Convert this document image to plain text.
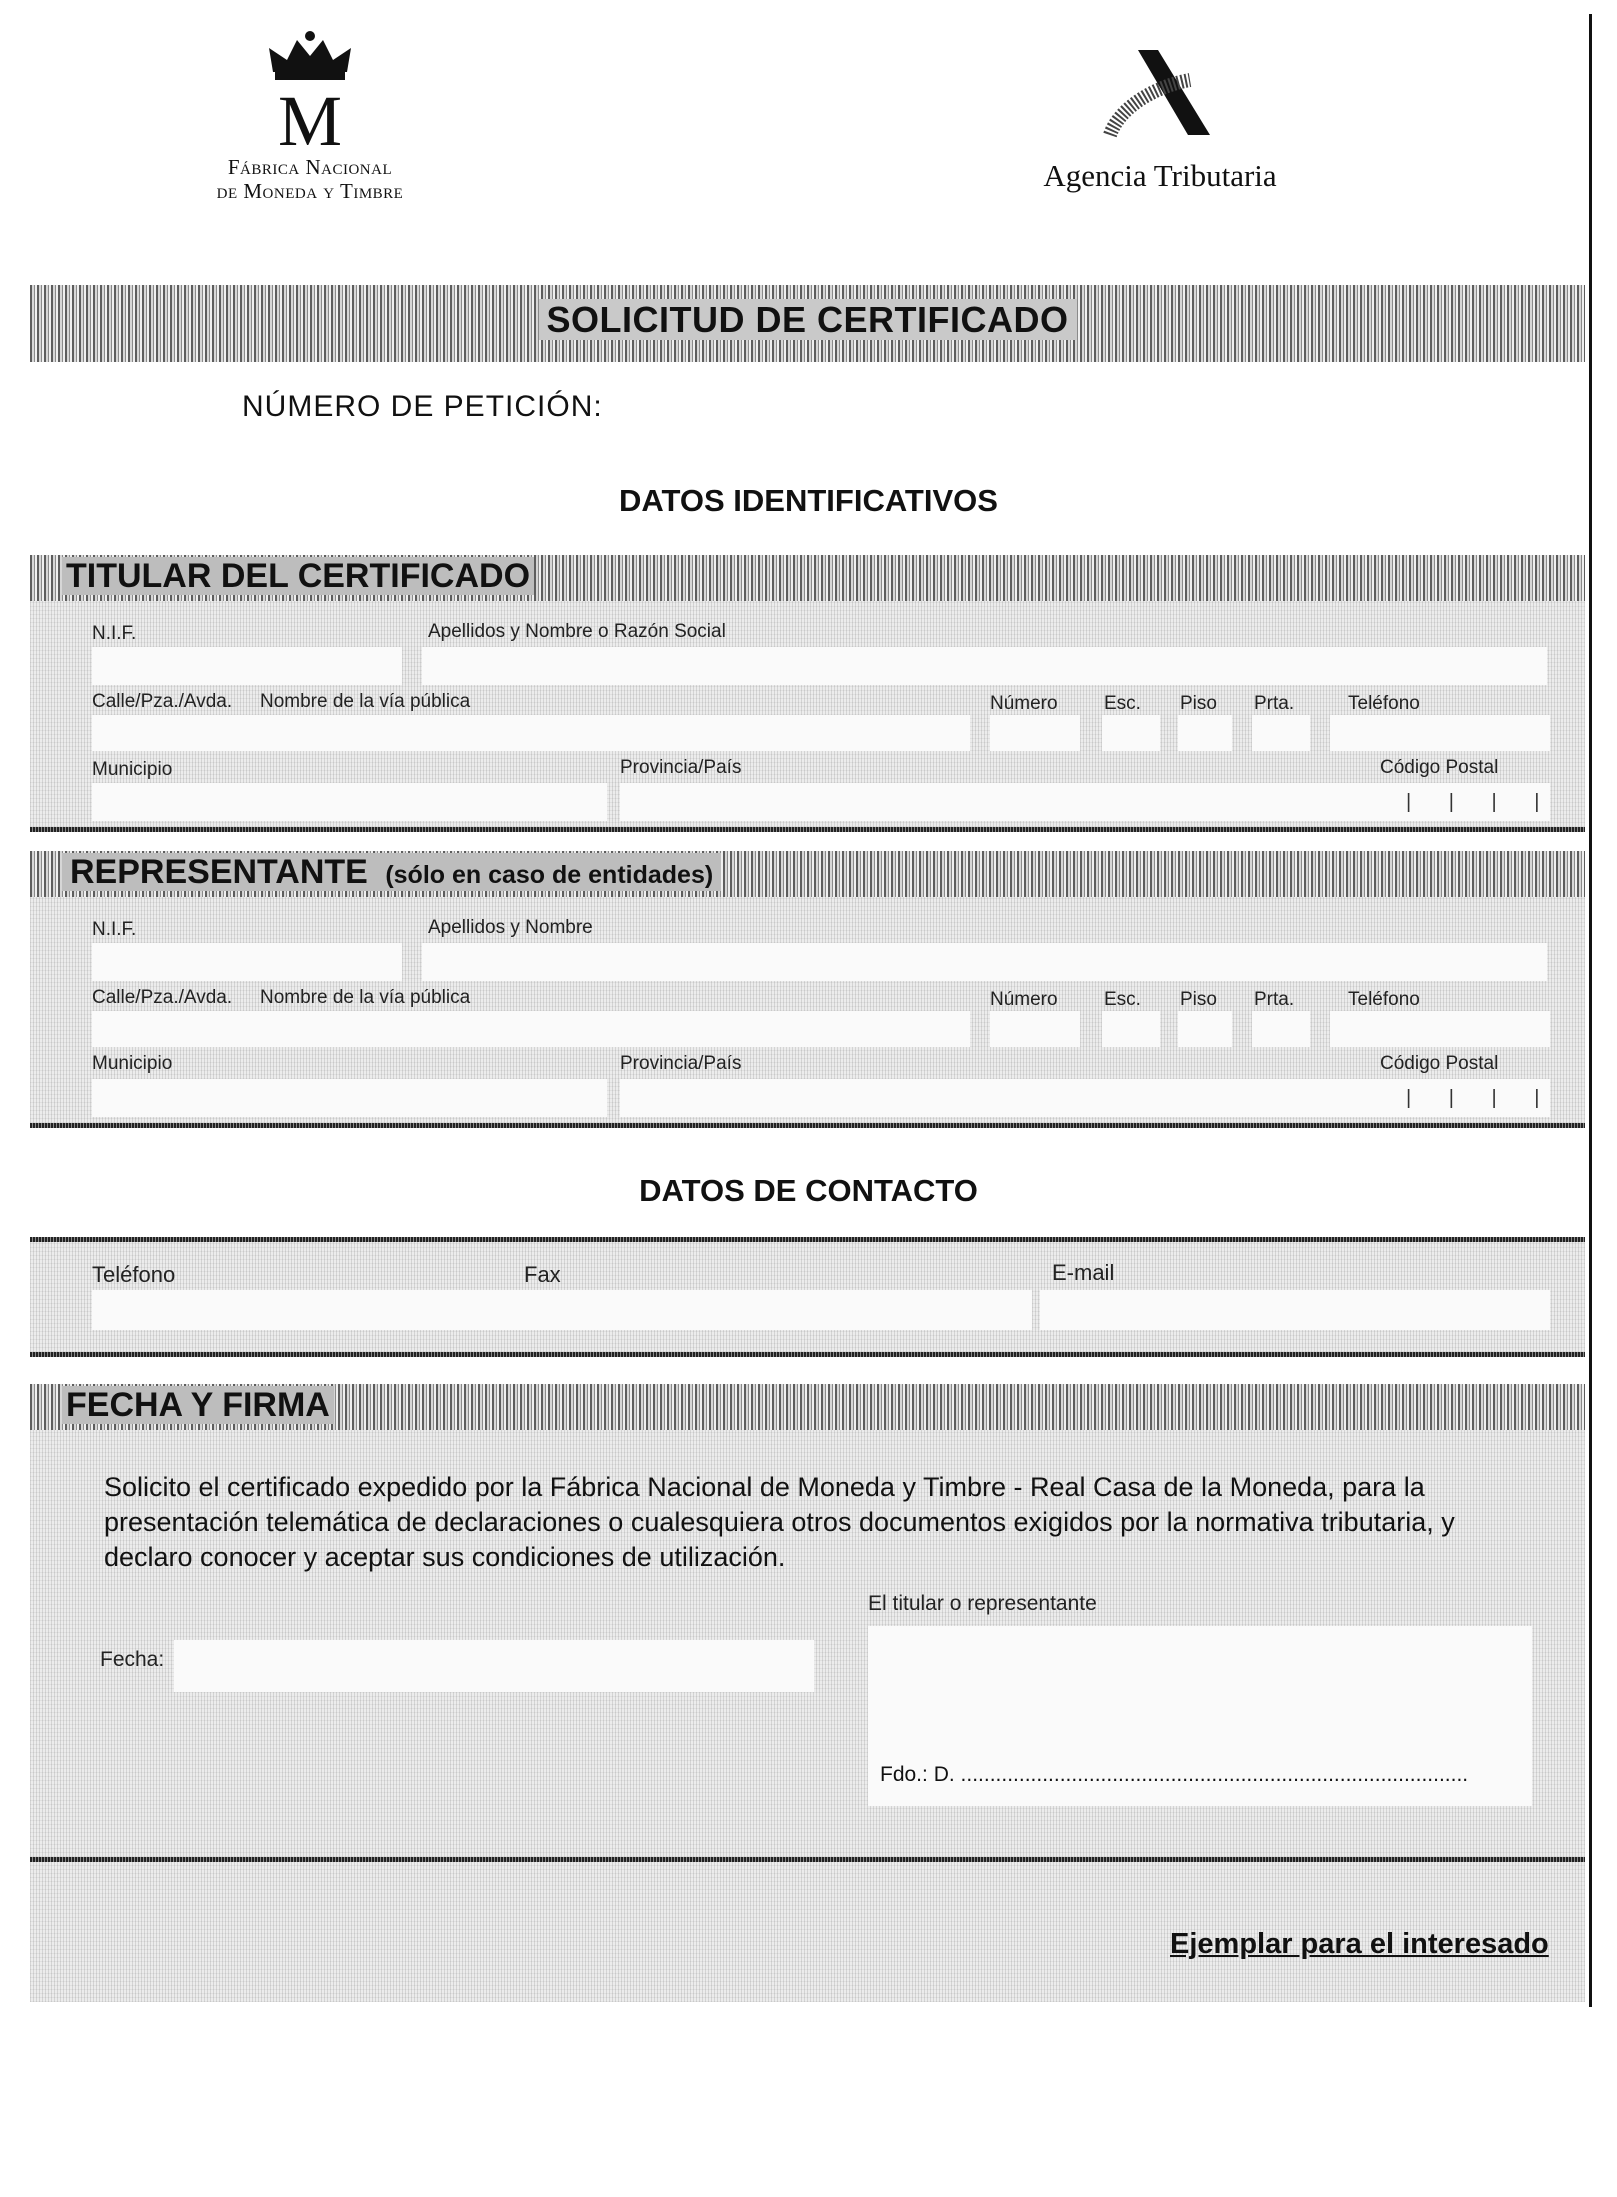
M
Fábrica Nacional
de Moneda y Timbre	Agencia Tributaria
SOLICITUD DE CERTIFICADO
NÚMERO DE PETICIÓN:
DATOS IDENTIFICATIVOS
TITULAR DEL CERTIFICADO
N.I.F.	Apellidos y Nombre o Razón Social
Calle/Pza./Avda. Nombre de la vía pública	Número Esc. Piso Prta.	Teléfono
Municipio	Provincia/País	Código Postal
| | | |
REPRESENTANTE (sólo en caso de entidades)
N.I.F.	Apellidos y Nombre
Calle/Pza./Avda. Nombre de la vía pública	Número Esc. Piso Prta.	Teléfono
Municipio	Provincia/País	Código Postal
| | | |
DATOS DE CONTACTO
Teléfono	Fax	E-mail
FECHA Y FIRMA
Solicito el certificado expedido por la Fábrica Nacional de Moneda y Timbre - Real Casa de la Moneda, para la presentación telemática de declaraciones o cualesquiera otros documentos exigidos por la normativa tributaria, y declaro conocer y aceptar sus condiciones de utilización.
Fecha:
El titular o representante
Fdo.: D. .......................................................................................
Ejemplar para el interesado
